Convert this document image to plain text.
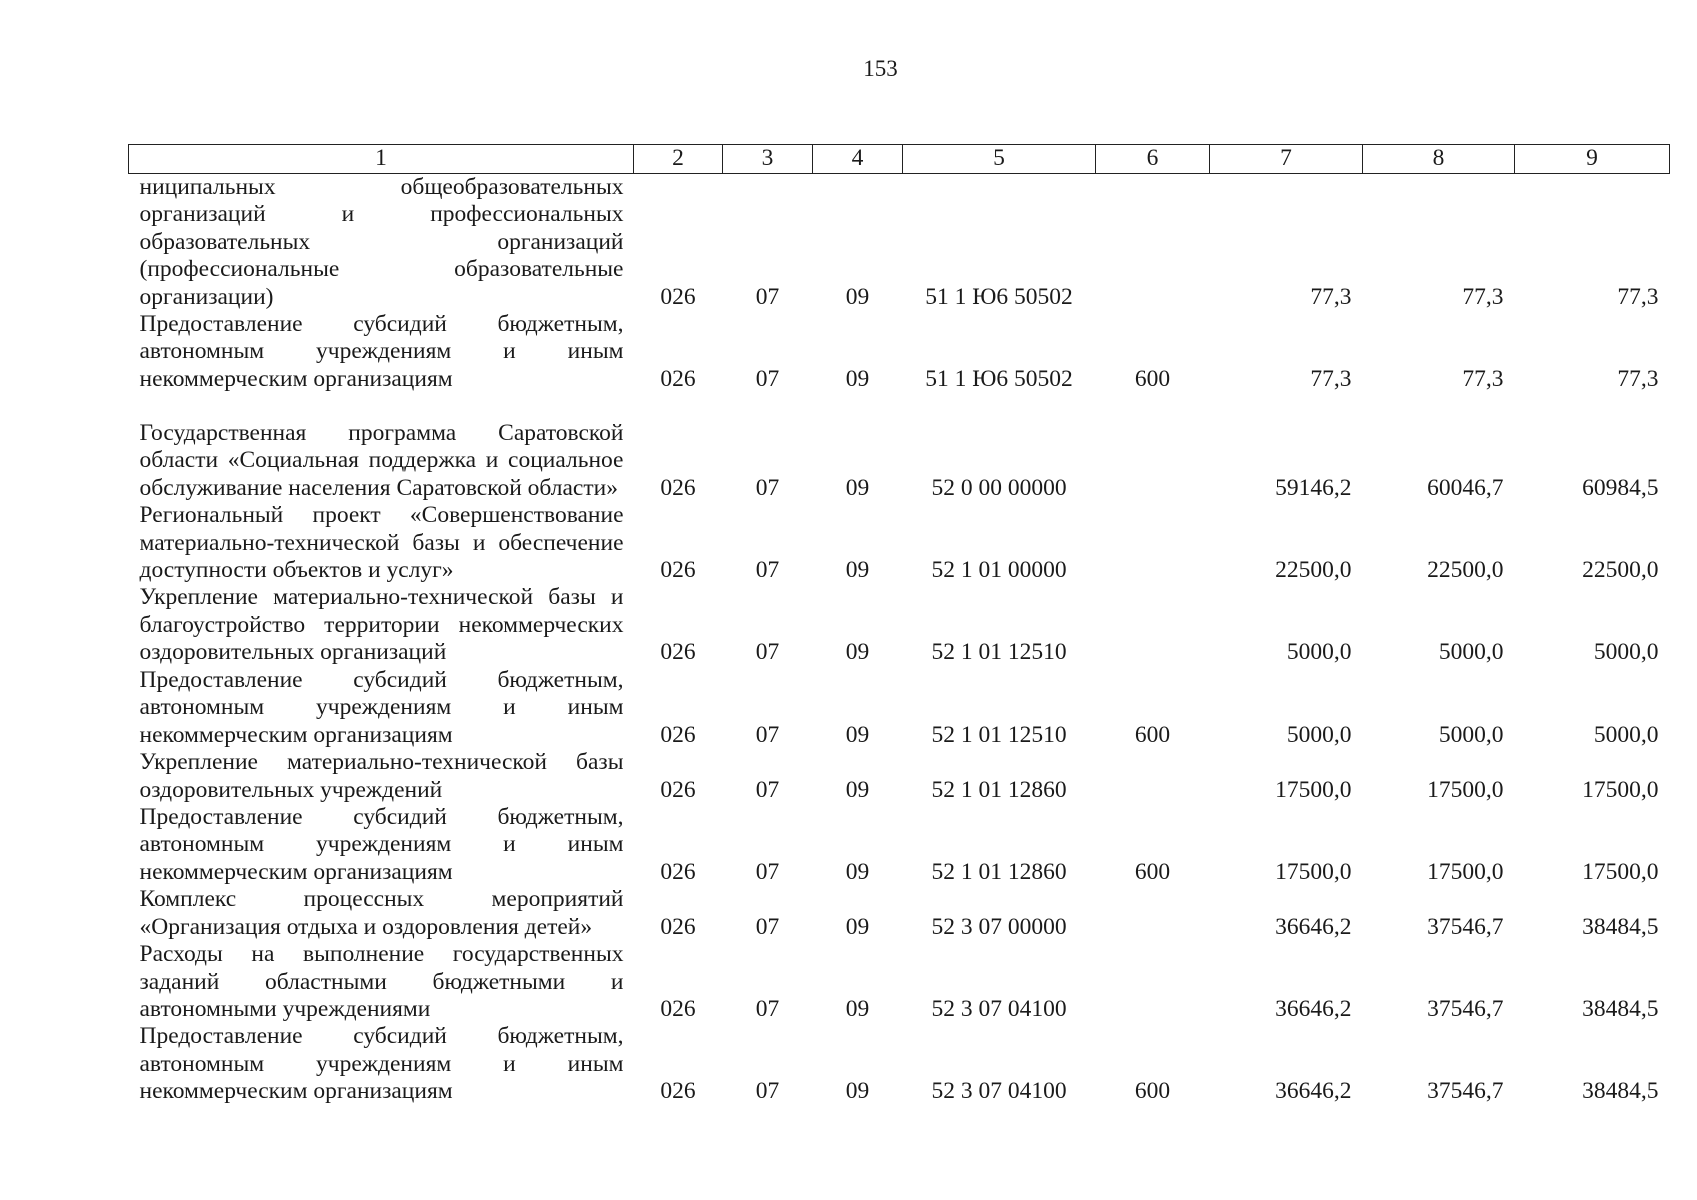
153
1	2	3	4	5	6	7	8	9
ниципальных общеобразовательных организаций и профессиональных образовательных организаций (профессиональные образовательные организации)	026	07	09	51 1 Ю6 50502		77,3	77,3	77,3
Предоставление субсидий бюджетным, автономным учреждениям и иным некоммерческим организациям	026	07	09	51 1 Ю6 50502	600	77,3	77,3	77,3
Государственная программа Саратовской области «Социальная поддержка и социальное обслуживание населения Саратовской области»	026	07	09	52 0 00 00000		59146,2	60046,7	60984,5
Региональный проект «Совершенствование материально-технической базы и обеспечение доступности объектов и услуг»	026	07	09	52 1 01 00000		22500,0	22500,0	22500,0
Укрепление материально-технической базы и благоустройство территории некоммерческих оздоровительных организаций	026	07	09	52 1 01 12510		5000,0	5000,0	5000,0
Предоставление субсидий бюджетным, автономным учреждениям и иным некоммерческим организациям	026	07	09	52 1 01 12510	600	5000,0	5000,0	5000,0
Укрепление материально-технической базы оздоровительных учреждений	026	07	09	52 1 01 12860		17500,0	17500,0	17500,0
Предоставление субсидий бюджетным, автономным учреждениям и иным некоммерческим организациям	026	07	09	52 1 01 12860	600	17500,0	17500,0	17500,0
Комплекс процессных мероприятий «Организация отдыха и оздоровления детей»	026	07	09	52 3 07 00000		36646,2	37546,7	38484,5
Расходы на выполнение государственных заданий областными бюджетными и автономными учреждениями	026	07	09	52 3 07 04100		36646,2	37546,7	38484,5
Предоставление субсидий бюджетным, автономным учреждениям и иным некоммерческим организациям	026	07	09	52 3 07 04100	600	36646,2	37546,7	38484,5
